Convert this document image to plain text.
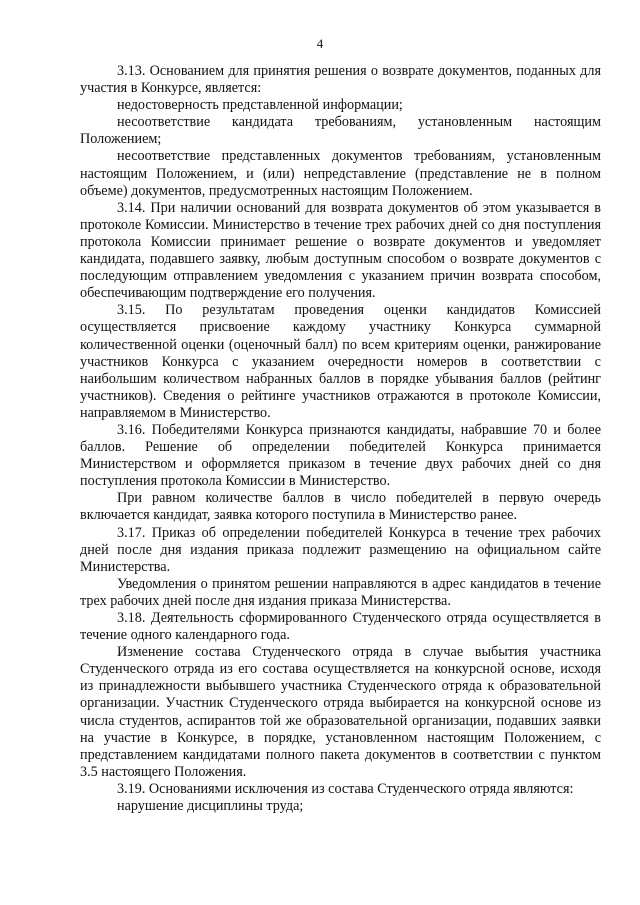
4

3.13. Основанием для принятия решения о возврате документов, поданных для участия в Конкурсе, является:

недостоверность представленной информации;

несоответствие кандидата требованиям, установленным настоящим Положением;

несоответствие представленных документов требованиям, установленным настоящим Положением, и (или) непредставление (представление не в полном объеме) документов, предусмотренных настоящим Положением.

3.14. При наличии оснований для возврата документов об этом указывается в протоколе Комиссии. Министерство в течение трех рабочих дней со дня поступления протокола Комиссии принимает решение о возврате документов и уведомляет кандидата, подавшего заявку, любым доступным способом о возврате документов с последующим отправлением уведомления с указанием причин возврата способом, обеспечивающим подтверждение его получения.

3.15. По результатам проведения оценки кандидатов Комиссией осуществляется присвоение каждому участнику Конкурса суммарной количественной оценки (оценочный балл) по всем критериям оценки, ранжирование участников Конкурса с указанием очередности номеров в соответствии с наибольшим количеством набранных баллов в порядке убывания баллов (рейтинг участников). Сведения о рейтинге участников отражаются в протоколе Комиссии, направляемом в Министерство.

3.16. Победителями Конкурса признаются кандидаты, набравшие 70 и более баллов. Решение об определении победителей Конкурса принимается Министерством и оформляется приказом в течение двух рабочих дней со дня поступления протокола Комиссии в Министерство.

При равном количестве баллов в число победителей в первую очередь включается кандидат, заявка которого поступила в Министерство ранее.

3.17. Приказ об определении победителей Конкурса в течение трех рабочих дней после дня издания приказа подлежит размещению на официальном сайте Министерства.

Уведомления о принятом решении направляются в адрес кандидатов в течение трех рабочих дней после дня издания приказа Министерства.

3.18. Деятельность сформированного Студенческого отряда осуществляется в течение одного календарного года.

Изменение состава Студенческого отряда в случае выбытия участника Студенческого отряда из его состава осуществляется на конкурсной основе, исходя из принадлежности выбывшего участника Студенческого отряда к образовательной организации. Участник Студенческого отряда выбирается на конкурсной основе из числа студентов, аспирантов той же образовательной организации, подавших заявки на участие в Конкурсе, в порядке, установленном настоящим Положением, с представлением кандидатами полного пакета документов в соответствии с пунктом 3.5 настоящего Положения.

3.19. Основаниями исключения из состава Студенческого отряда являются:

нарушение дисциплины труда;
